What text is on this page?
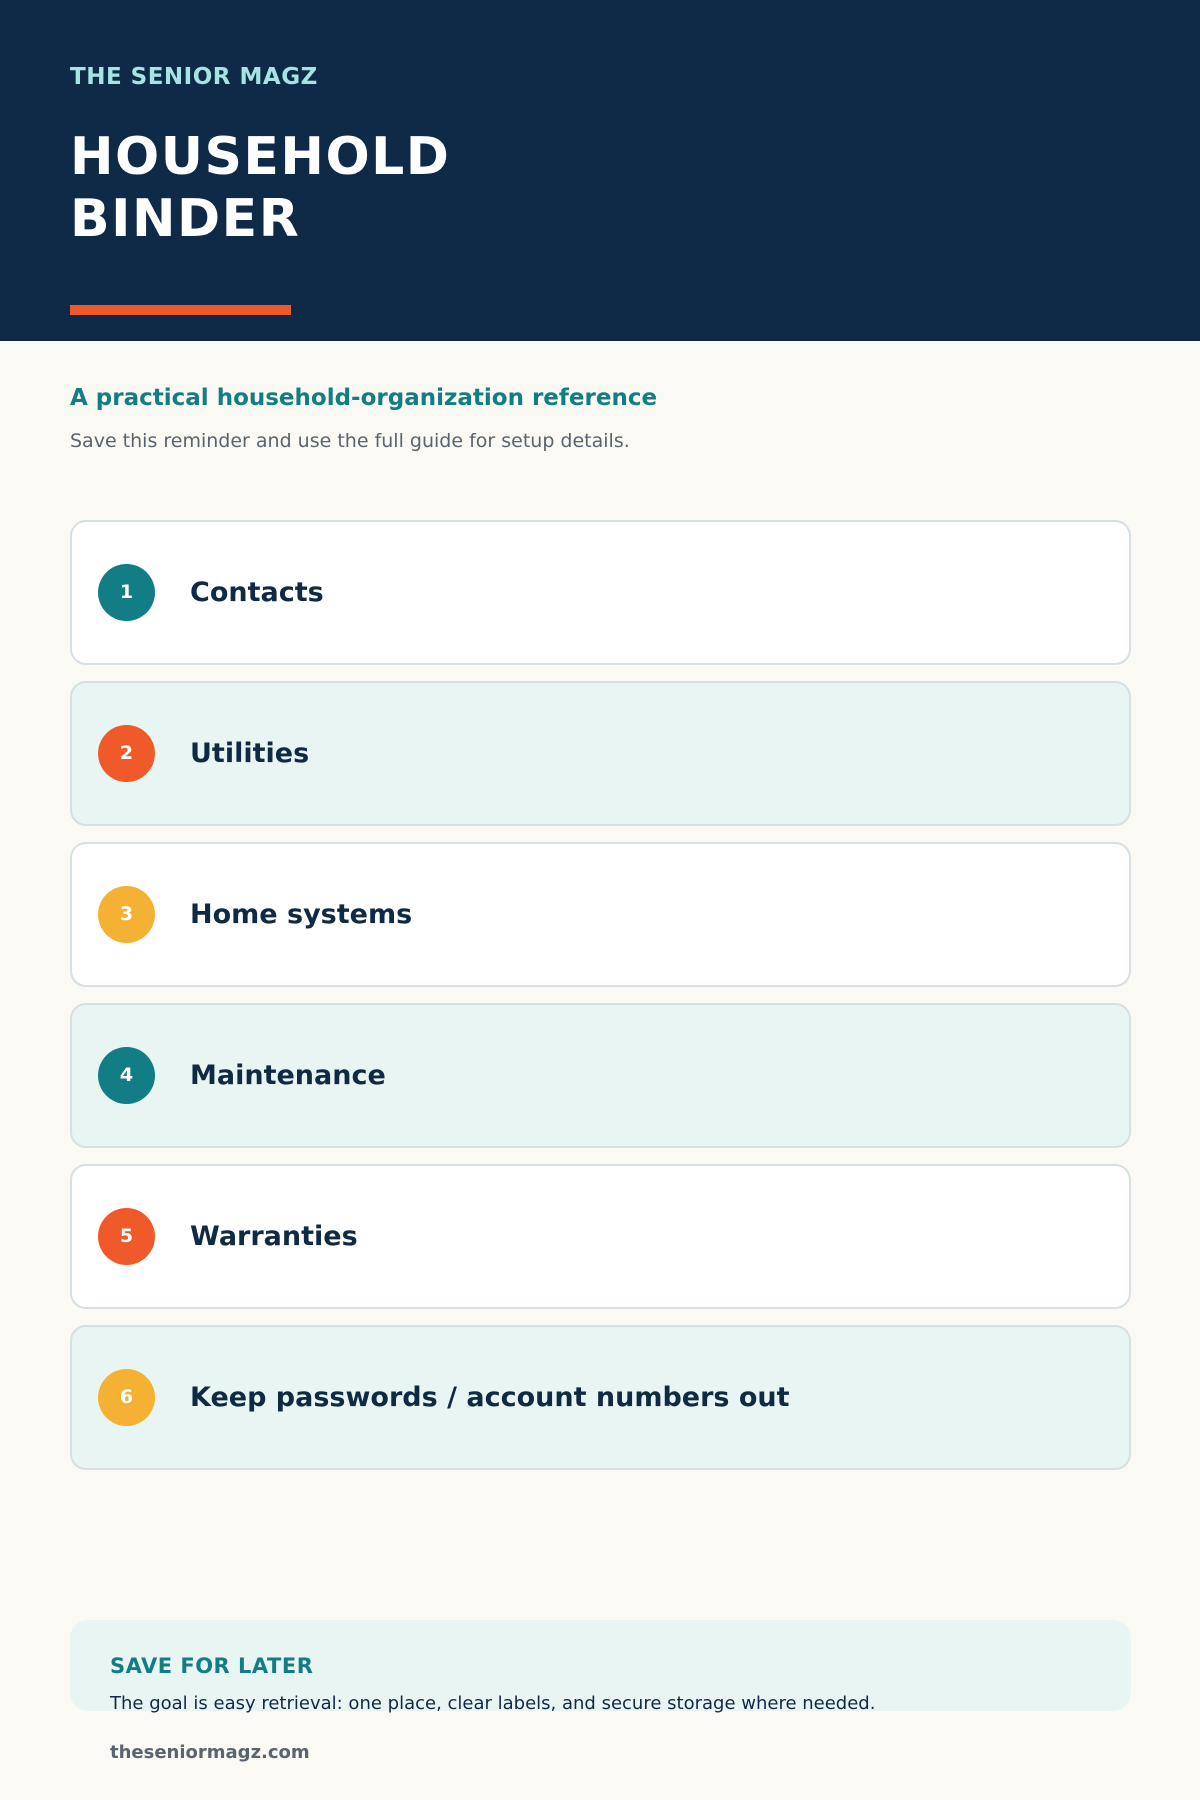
THE SENIOR MAGZ
HOUSEHOLD
BINDER
A practical household-organization reference
Save this reminder and use the full guide for setup details.
1	Contacts
2	Utilities
3	Home systems
4	Maintenance
5	Warranties
6	Keep passwords / account numbers out
SAVE FOR LATER
The goal is easy retrieval: one place, clear labels, and secure storage where needed.
theseniormagz.com
